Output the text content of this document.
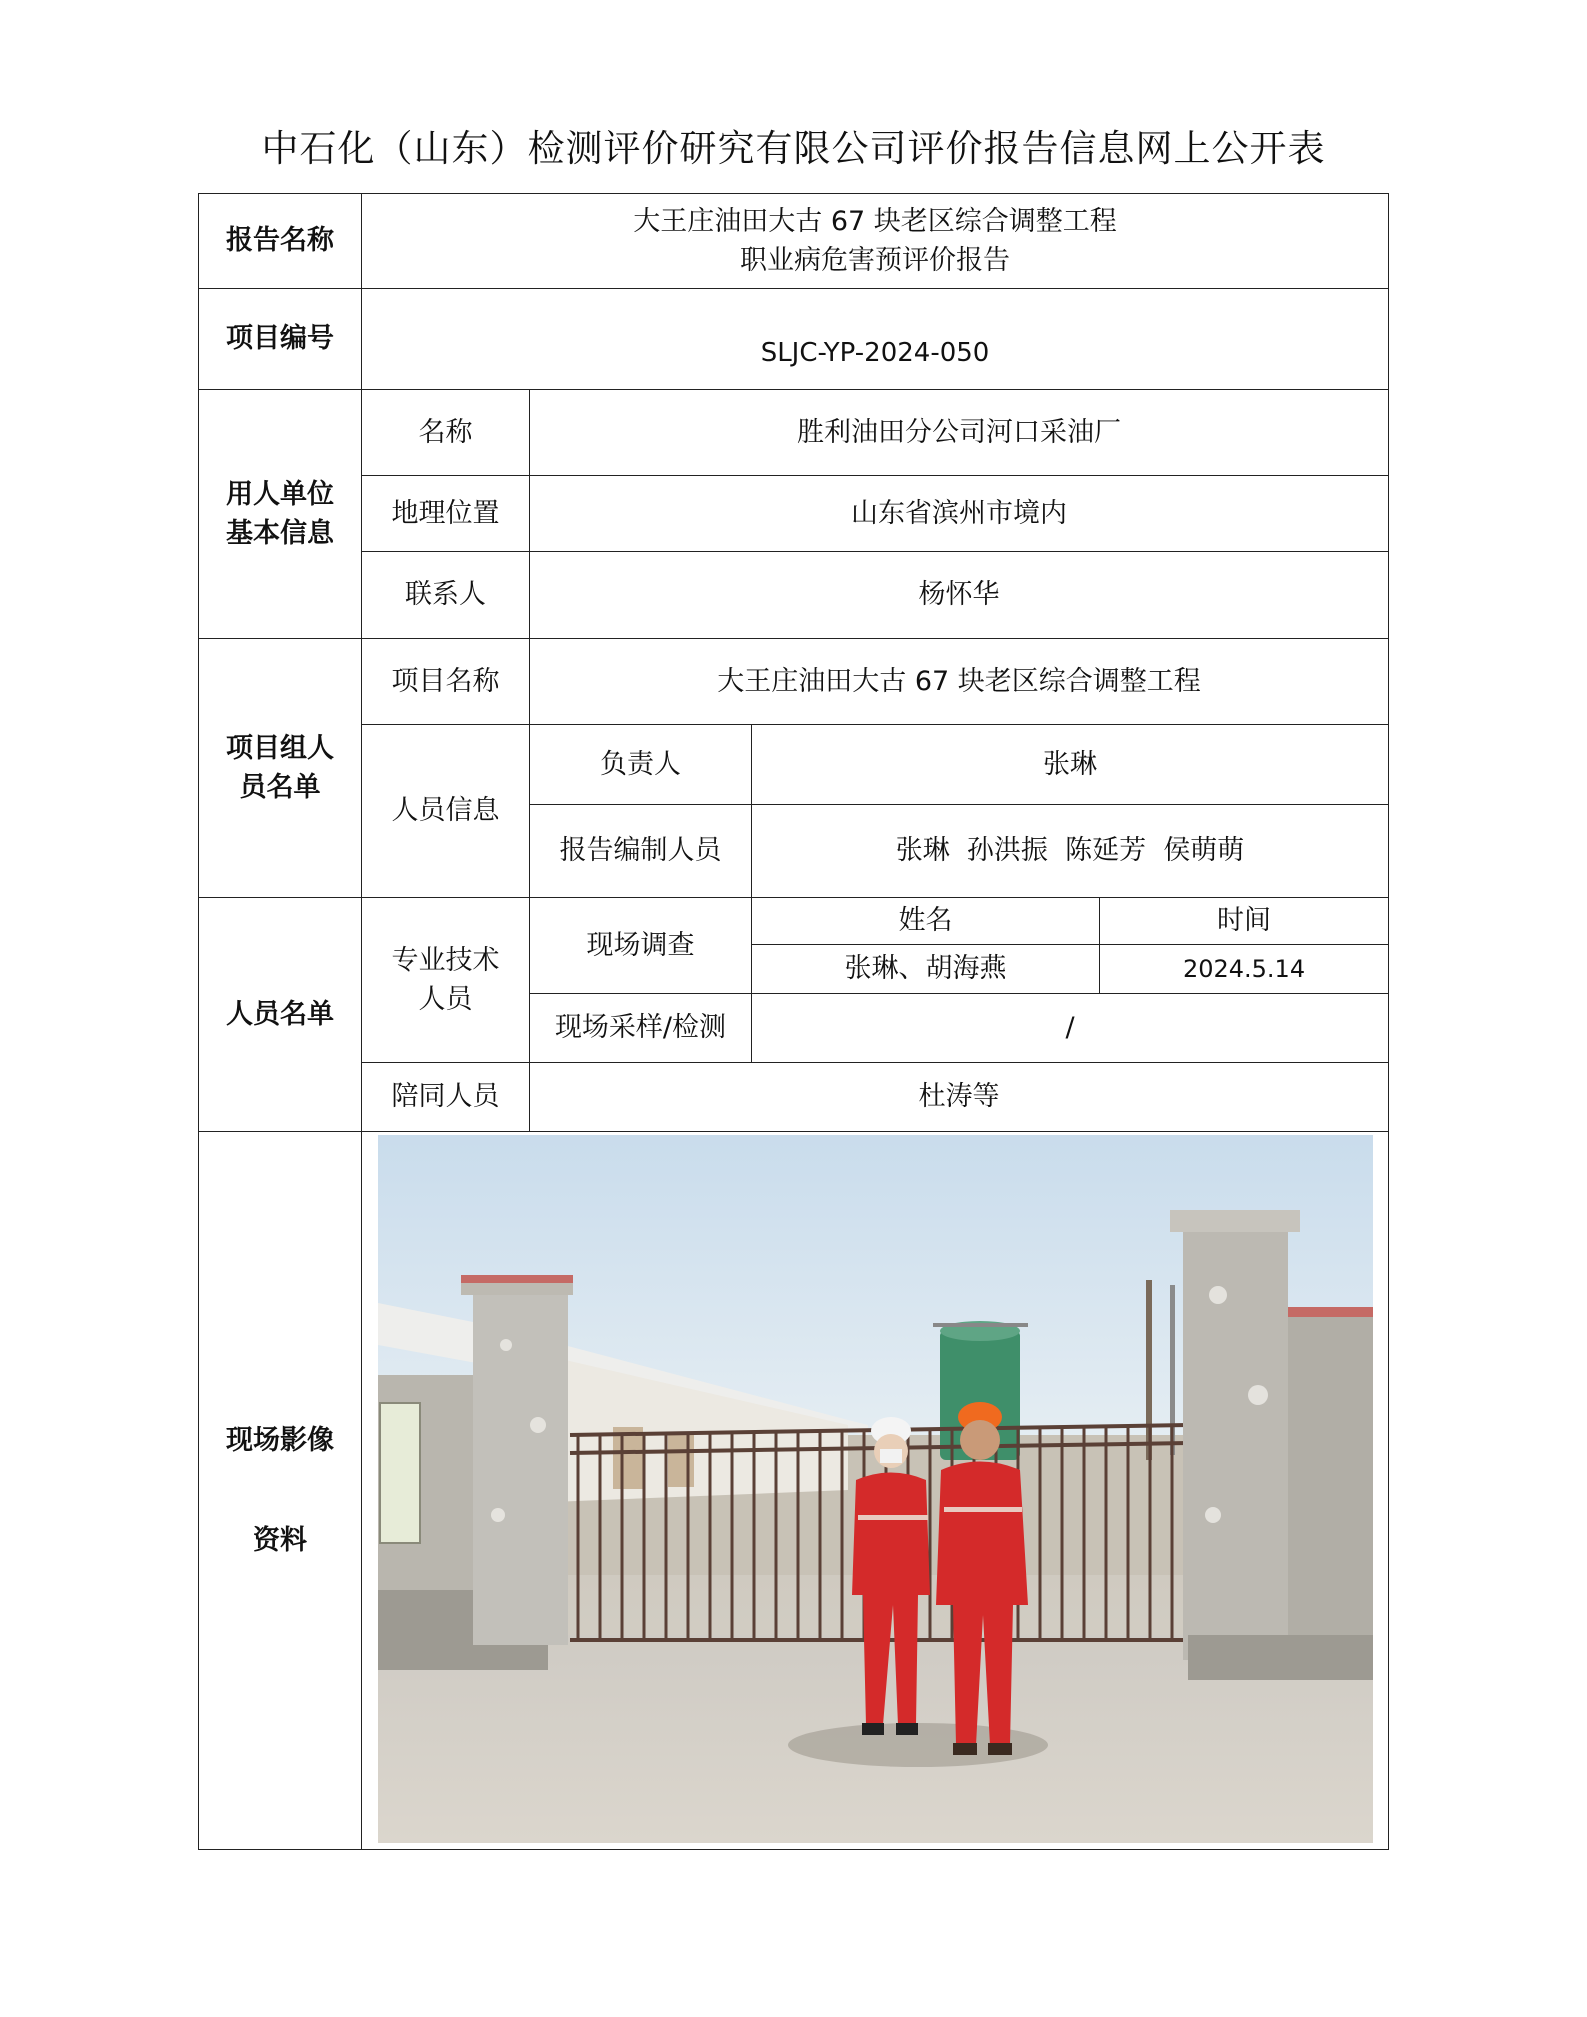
中石化（山东）检测评价研究有限公司评价报告信息网上公开表
报告名称	大王庄油田大古 67 块老区综合调整工程
职业病危害预评价报告			

项目编号	SLJC-YP-2024-050			

用人单位
基本信息	名称	胜利油田分公司河口采油厂		
	地理位置	山东省滨州市境内		
	联系人	杨怀华		

项目组人
员名单	项目名称	大王庄油田大古 67 块老区综合调整工程		
	人员信息	负责人	张琳	
		报告编制人员	张琳  孙洪振  陈延芳  侯萌萌	
人员名单	专业技术
人员	现场调查	姓名	时间
			张琳、胡海燕	2024.5.14
		现场采样/检测	/	
	陪同人员	杜涛等		

现场影像
资料
